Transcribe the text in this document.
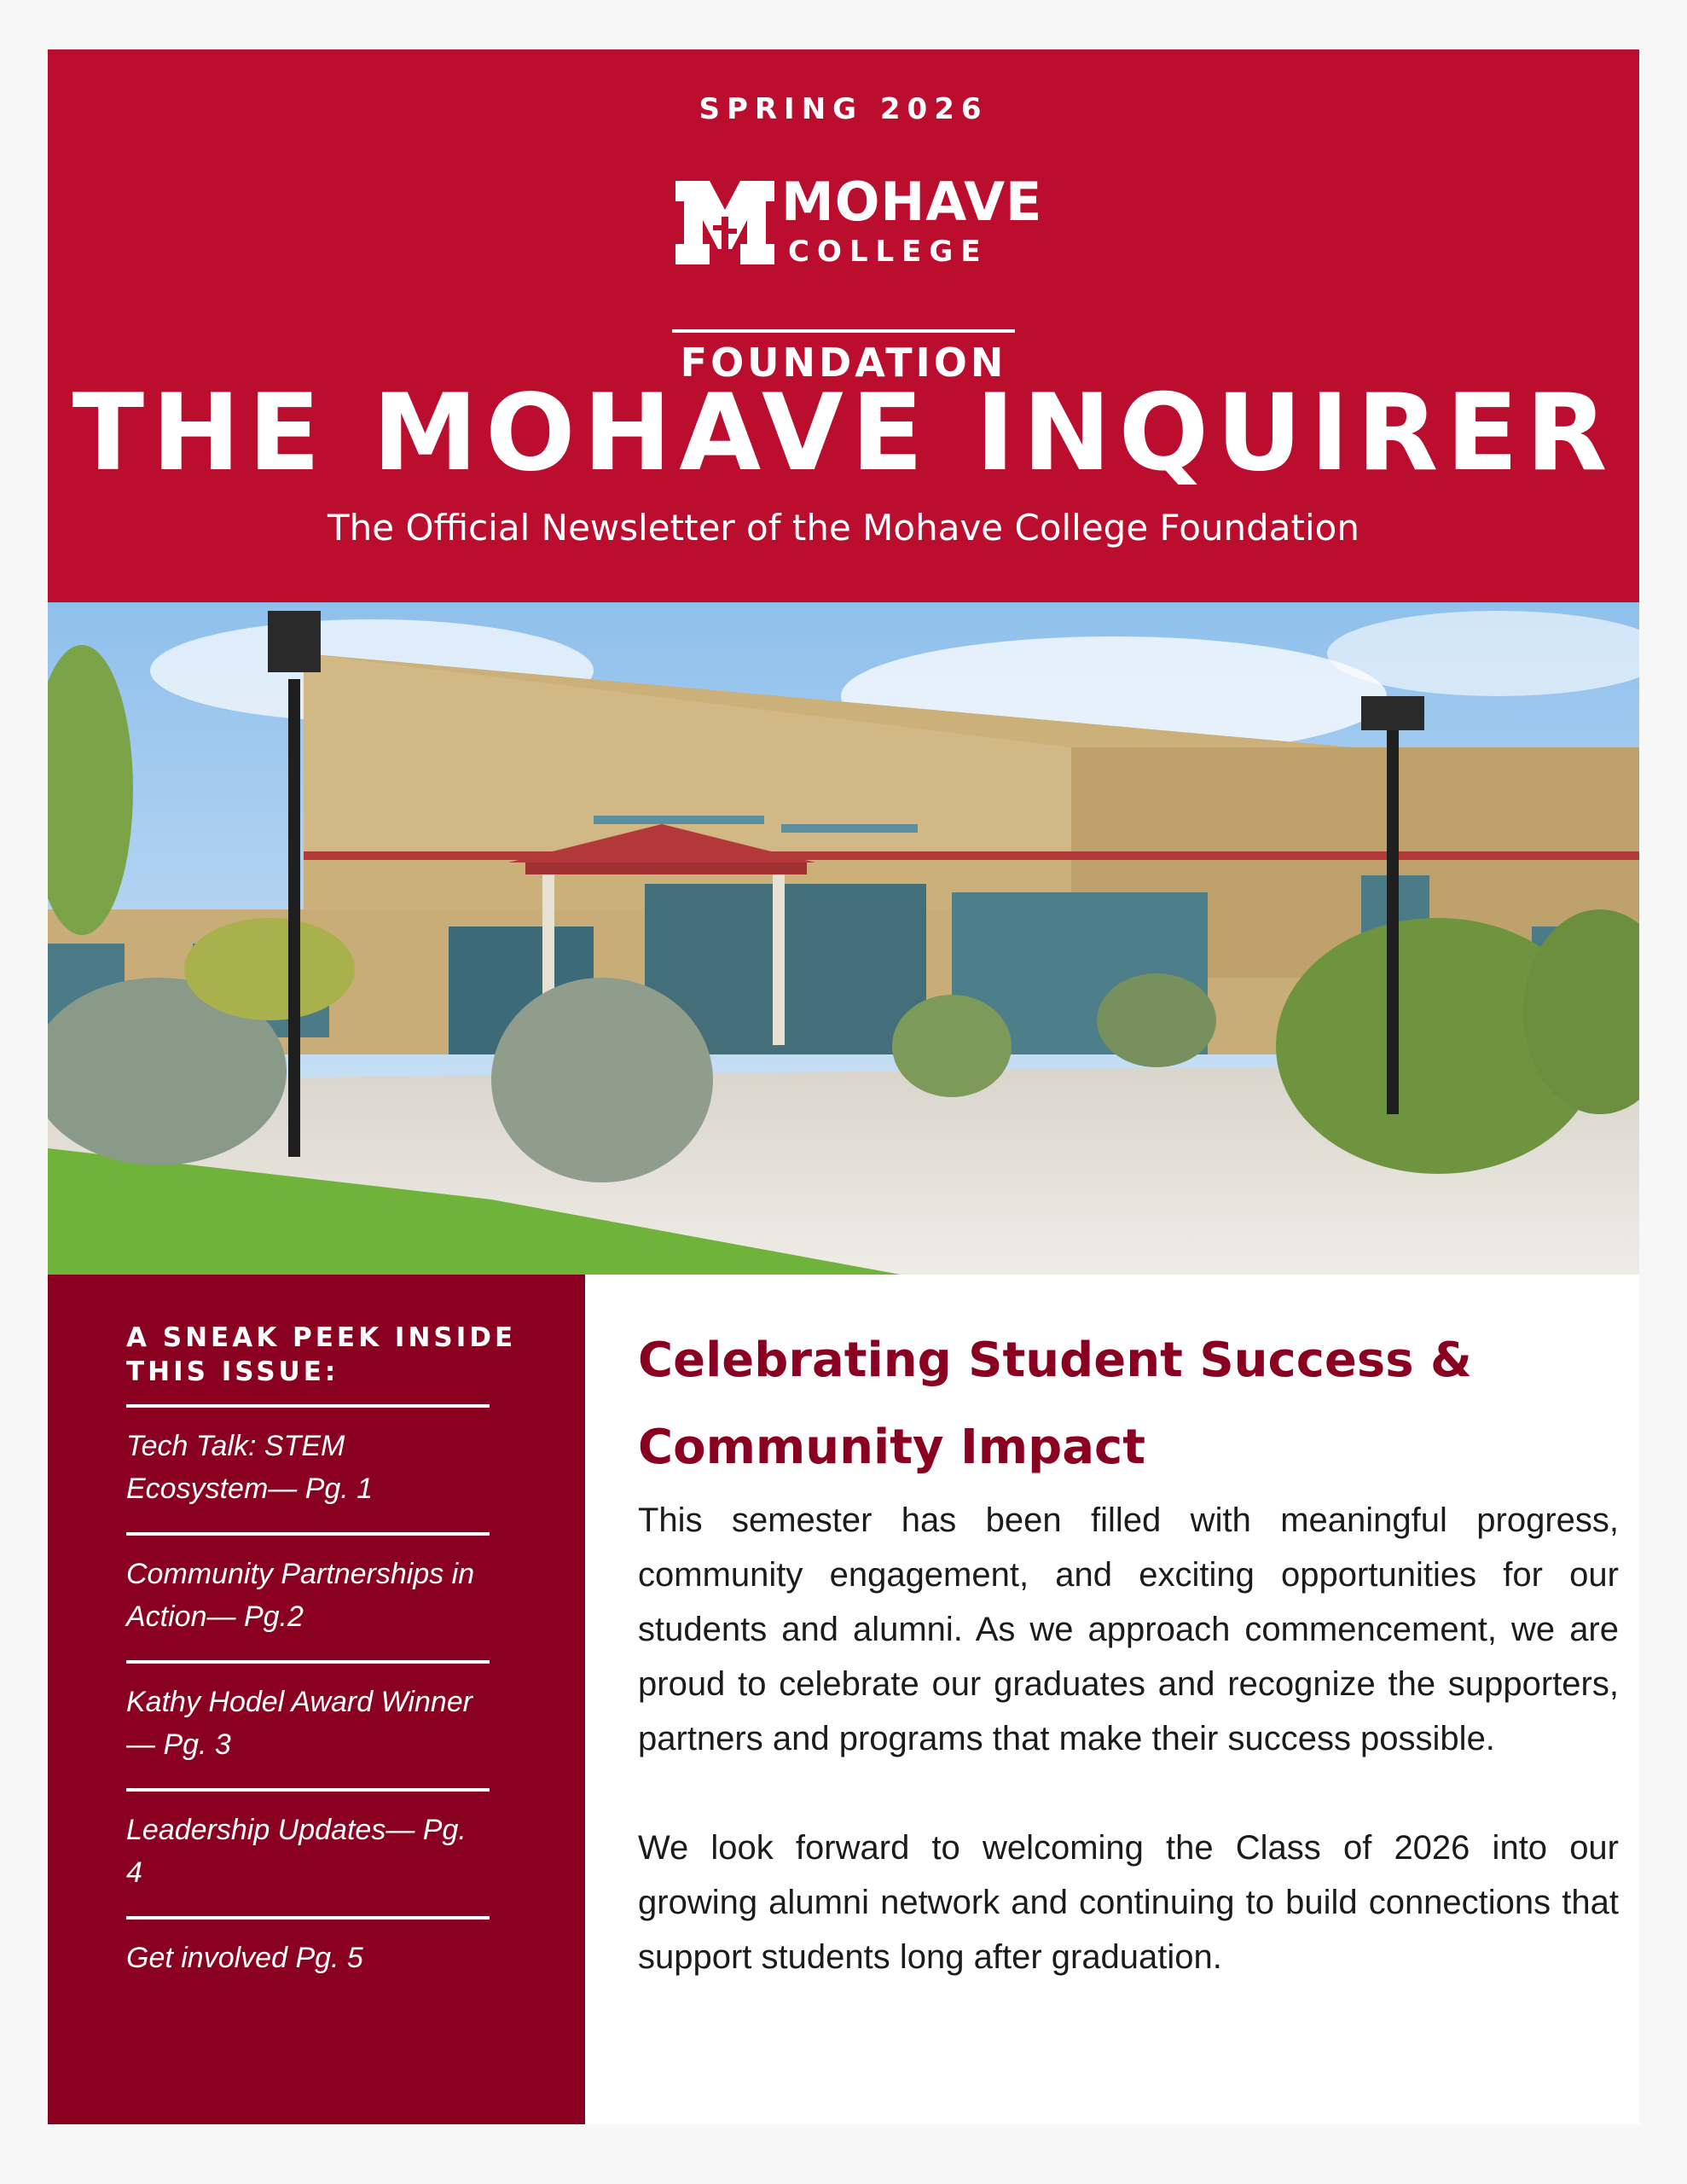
SPRING 2026
MOHAVE
COLLEGE
FOUNDATION
THE MOHAVE INQUIRER
The Official Newsletter of the Mohave College Foundation
A SNEAK PEEK INSIDE THIS ISSUE:
Tech Talk: STEM Ecosystem— Pg. 1
Community Partnerships in Action— Pg.2
Kathy Hodel Award Winner — Pg. 3
Leadership Updates— Pg. 4
Get involved Pg. 5
Celebrating Student Success & Community Impact

This semester has been filled with meaningful progress, community engagement, and exciting opportunities for our students and alumni. As we approach commencement, we are proud to celebrate our graduates and recognize the supporters, partners and programs that make their success possible.

We look forward to welcoming the Class of 2026 into our growing alumni network and continuing to build connections that support students long after graduation.
